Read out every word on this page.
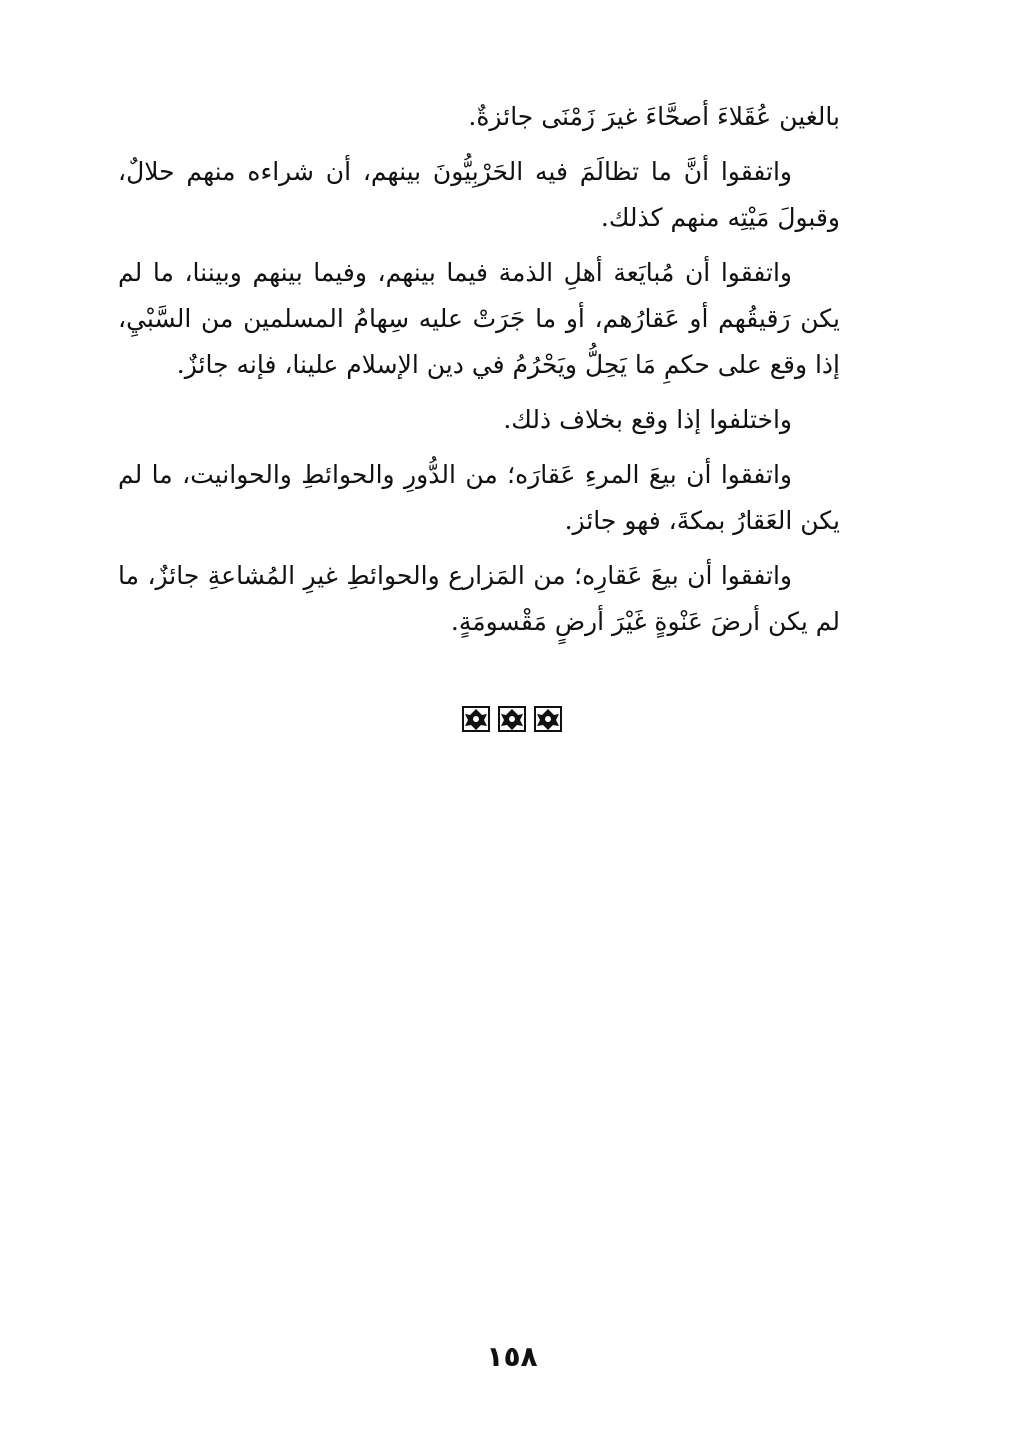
بالغين عُقَلاءَ أصحَّاءَ غيرَ زَمْنَى جائزةٌ.

واتفقوا أنَّ ما تظالَمَ فيه الحَرْبِيُّونَ بينهم، أن شراءه منهم حلالٌ، وقبولَ مَيْتِه منهم كذلك.

واتفقوا أن مُبايَعة أهلِ الذمة فيما بينهم، وفيما بينهم وبيننا، ما لم يكن رَقيقُهم أو عَقارُهم، أو ما جَرَتْ عليه سِهامُ المسلمين من السَّبْيِ، إذا وقع على حكمِ مَا يَحِلُّ ويَحْرُمُ في دين الإسلام علينا، فإنه جائزٌ.

واختلفوا إذا وقع بخلاف ذلك.

واتفقوا أن بيعَ المرءِ عَقارَه؛ من الدُّورِ والحوائطِ والحوانيت، ما لم يكن العَقارُ بمكةَ، فهو جائز.

واتفقوا أن بيعَ عَقارِه؛ من المَزارع والحوائطِ غيرِ المُشاعةِ جائزٌ، ما لم يكن أرضَ عَنْوةٍ غَيْرَ أرضٍ مَقْسومَةٍ.

١٥٨
